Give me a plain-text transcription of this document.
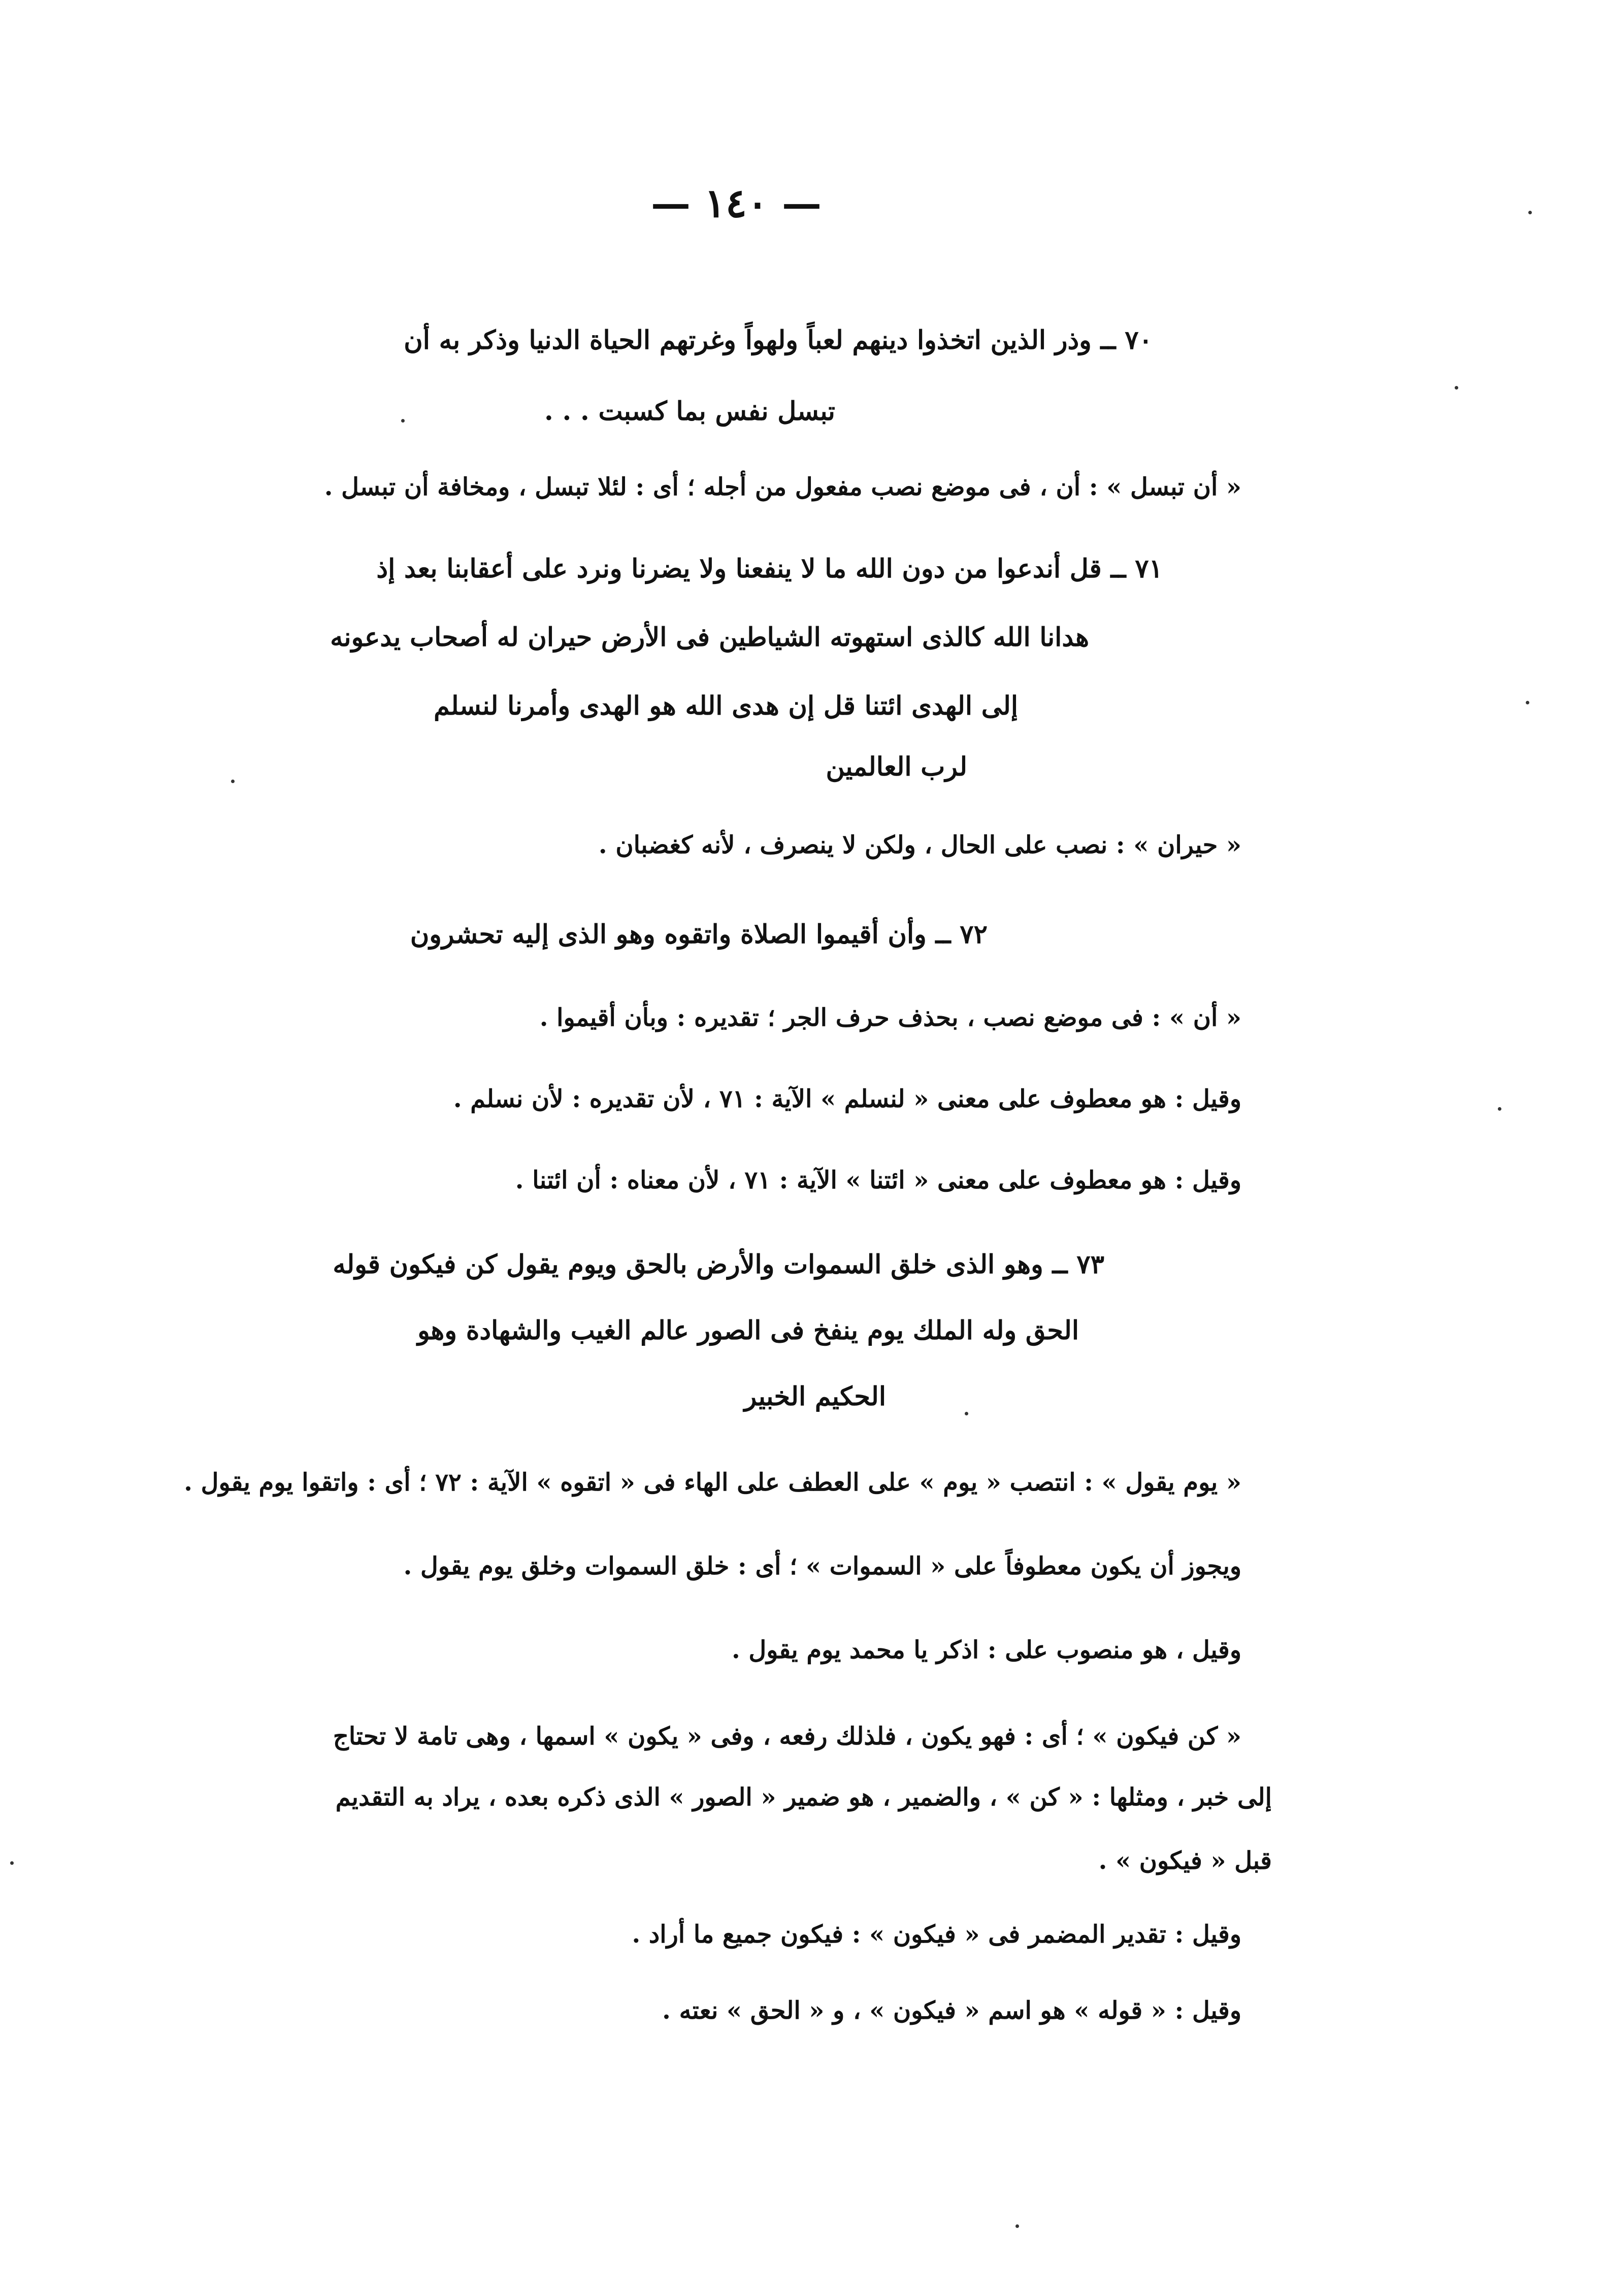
— ١٤٠ —
٧٠ ــ وذر الذين اتخذوا دينهم لعباً ولهواً وغرتهم الحياة الدنيا وذكر به أن
تبسل نفس بما كسبت . . .
« أن تبسل » : أن ، فى موضع نصب مفعول من أجله ؛ أى : لئلا تبسل ، ومخافة أن تبسل .
٧١ ــ قل أندعوا من دون الله ما لا ينفعنا ولا يضرنا ونرد على أعقابنا بعد إذ
هدانا الله كالذى استهوته الشياطين فى الأرض حيران له أصحاب يدعونه
إلى الهدى ائتنا قل إن هدى الله هو الهدى وأمرنا لنسلم
لرب العالمين
« حيران » : نصب على الحال ، ولكن لا ينصرف ، لأنه كغضبان .
٧٢ ــ وأن أقيموا الصلاة واتقوه وهو الذى إليه تحشرون
« أن » : فى موضع نصب ، بحذف حرف الجر ؛ تقديره : وبأن أقيموا .
وقيل : هو معطوف على معنى « لنسلم » الآية : ٧١ ، لأن تقديره : لأن نسلم .
وقيل : هو معطوف على معنى « ائتنا » الآية : ٧١ ، لأن معناه : أن ائتنا .
٧٣ ــ وهو الذى خلق السموات والأرض بالحق ويوم يقول كن فيكون قوله
الحق وله الملك يوم ينفخ فى الصور عالم الغيب والشهادة وهو
الحكيم الخبير
« يوم يقول » : انتصب « يوم » على العطف على الهاء فى « اتقوه » الآية : ٧٢ ؛ أى : واتقوا يوم يقول .
ويجوز أن يكون معطوفاً على « السموات » ؛ أى : خلق السموات وخلق يوم يقول .
وقيل ، هو منصوب على : اذكر يا محمد يوم يقول .
« كن فيكون » ؛ أى : فهو يكون ، فلذلك رفعه ، وفى « يكون » اسمها ، وهى تامة لا تحتاج
إلى خبر ، ومثلها : « كن » ، والضمير ، هو ضمير « الصور » الذى ذكره بعده ، يراد به التقديم
قبل « فيكون » .
وقيل : تقدير المضمر فى « فيكون » : فيكون جميع ما أراد .
وقيل : « قوله » هو اسم « فيكون » ، و « الحق » نعته .
